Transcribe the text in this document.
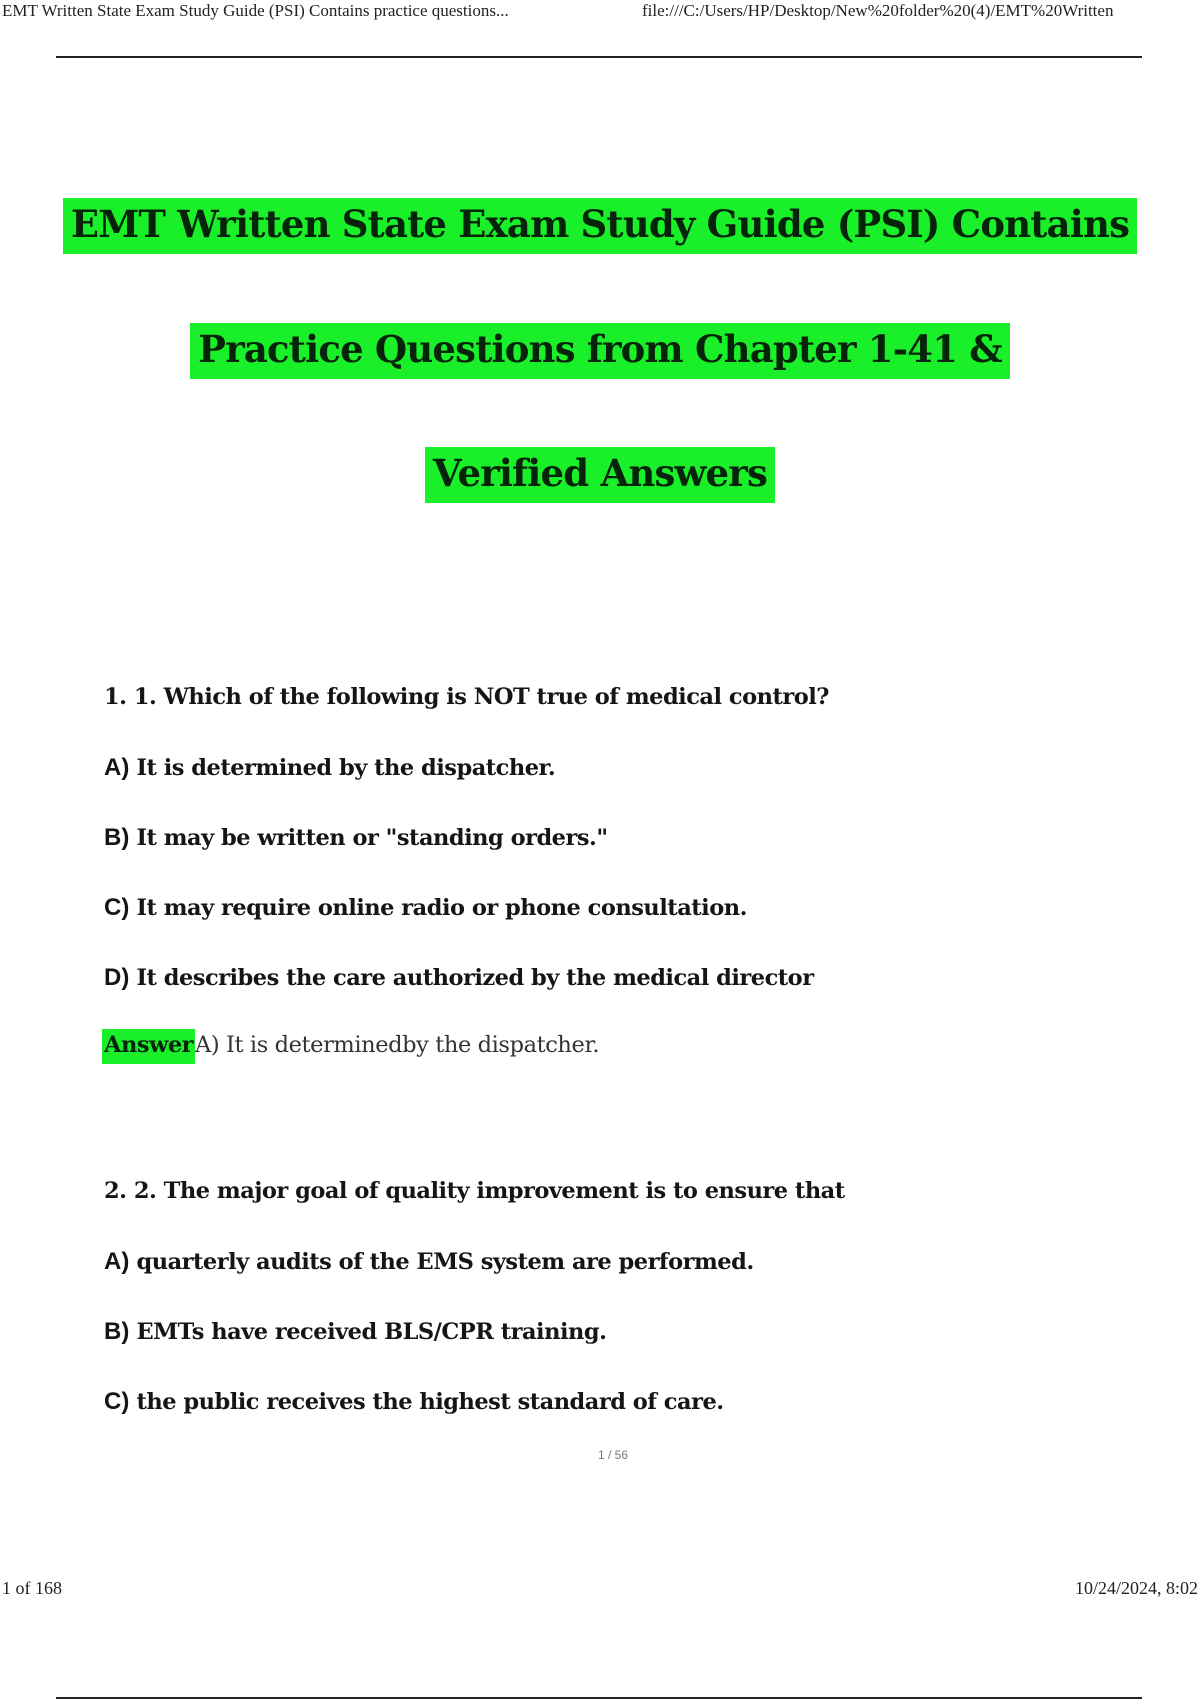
EMT Written State Exam Study Guide (PSI) Contains practice questions...	file:///C:/Users/HP/Desktop/New%20folder%20(4)/EMT%20Written
EMT Written State Exam Study Guide (PSI) Contains
Practice Questions from Chapter 1-41 &
Verified Answers
1. 1. Which of the following is NOT true of medical control?
A) It is determined by the dispatcher.
B) It may be written or "standing orders."
C) It may require online radio or phone consultation.
D) It describes the care authorized by the medical director
AnswerA) It is determinedby the dispatcher.
2. 2. The major goal of quality improvement is to ensure that
A) quarterly audits of the EMS system are performed.
B) EMTs have received BLS/CPR training.
C) the public receives the highest standard of care.
1 / 56
1 of 168	10/24/2024, 8:02
